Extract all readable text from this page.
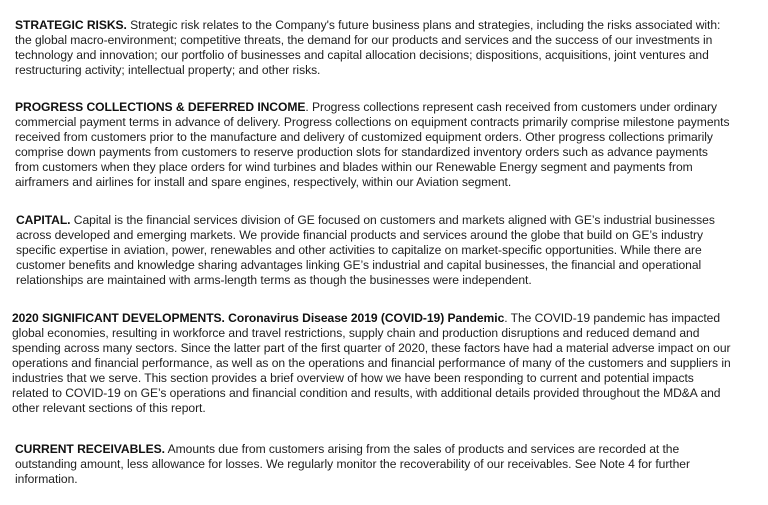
STRATEGIC RISKS. Strategic risk relates to the Company's future business plans and strategies, including the risks associated with:
the global macro-environment; competitive threats, the demand for our products and services and the success of our investments in
technology and innovation; our portfolio of businesses and capital allocation decisions; dispositions, acquisitions, joint ventures and
restructuring activity; intellectual property; and other risks.
PROGRESS COLLECTIONS & DEFERRED INCOME. Progress collections represent cash received from customers under ordinary
commercial payment terms in advance of delivery. Progress collections on equipment contracts primarily comprise milestone payments
received from customers prior to the manufacture and delivery of customized equipment orders. Other progress collections primarily
comprise down payments from customers to reserve production slots for standardized inventory orders such as advance payments
from customers when they place orders for wind turbines and blades within our Renewable Energy segment and payments from
airframers and airlines for install and spare engines, respectively, within our Aviation segment.
CAPITAL. Capital is the financial services division of GE focused on customers and markets aligned with GE’s industrial businesses
across developed and emerging markets. We provide financial products and services around the globe that build on GE’s industry
specific expertise in aviation, power, renewables and other activities to capitalize on market-specific opportunities. While there are
customer benefits and knowledge sharing advantages linking GE’s industrial and capital businesses, the financial and operational
relationships are maintained with arms-length terms as though the businesses were independent.
2020 SIGNIFICANT DEVELOPMENTS. Coronavirus Disease 2019 (COVID-19) Pandemic. The COVID-19 pandemic has impacted
global economies, resulting in workforce and travel restrictions, supply chain and production disruptions and reduced demand and
spending across many sectors. Since the latter part of the first quarter of 2020, these factors have had a material adverse impact on our
operations and financial performance, as well as on the operations and financial performance of many of the customers and suppliers in
industries that we serve. This section provides a brief overview of how we have been responding to current and potential impacts
related to COVID-19 on GE’s operations and financial condition and results, with additional details provided throughout the MD&A and
other relevant sections of this report.
CURRENT RECEIVABLES. Amounts due from customers arising from the sales of products and services are recorded at the
outstanding amount, less allowance for losses. We regularly monitor the recoverability of our receivables. See Note 4 for further
information.
